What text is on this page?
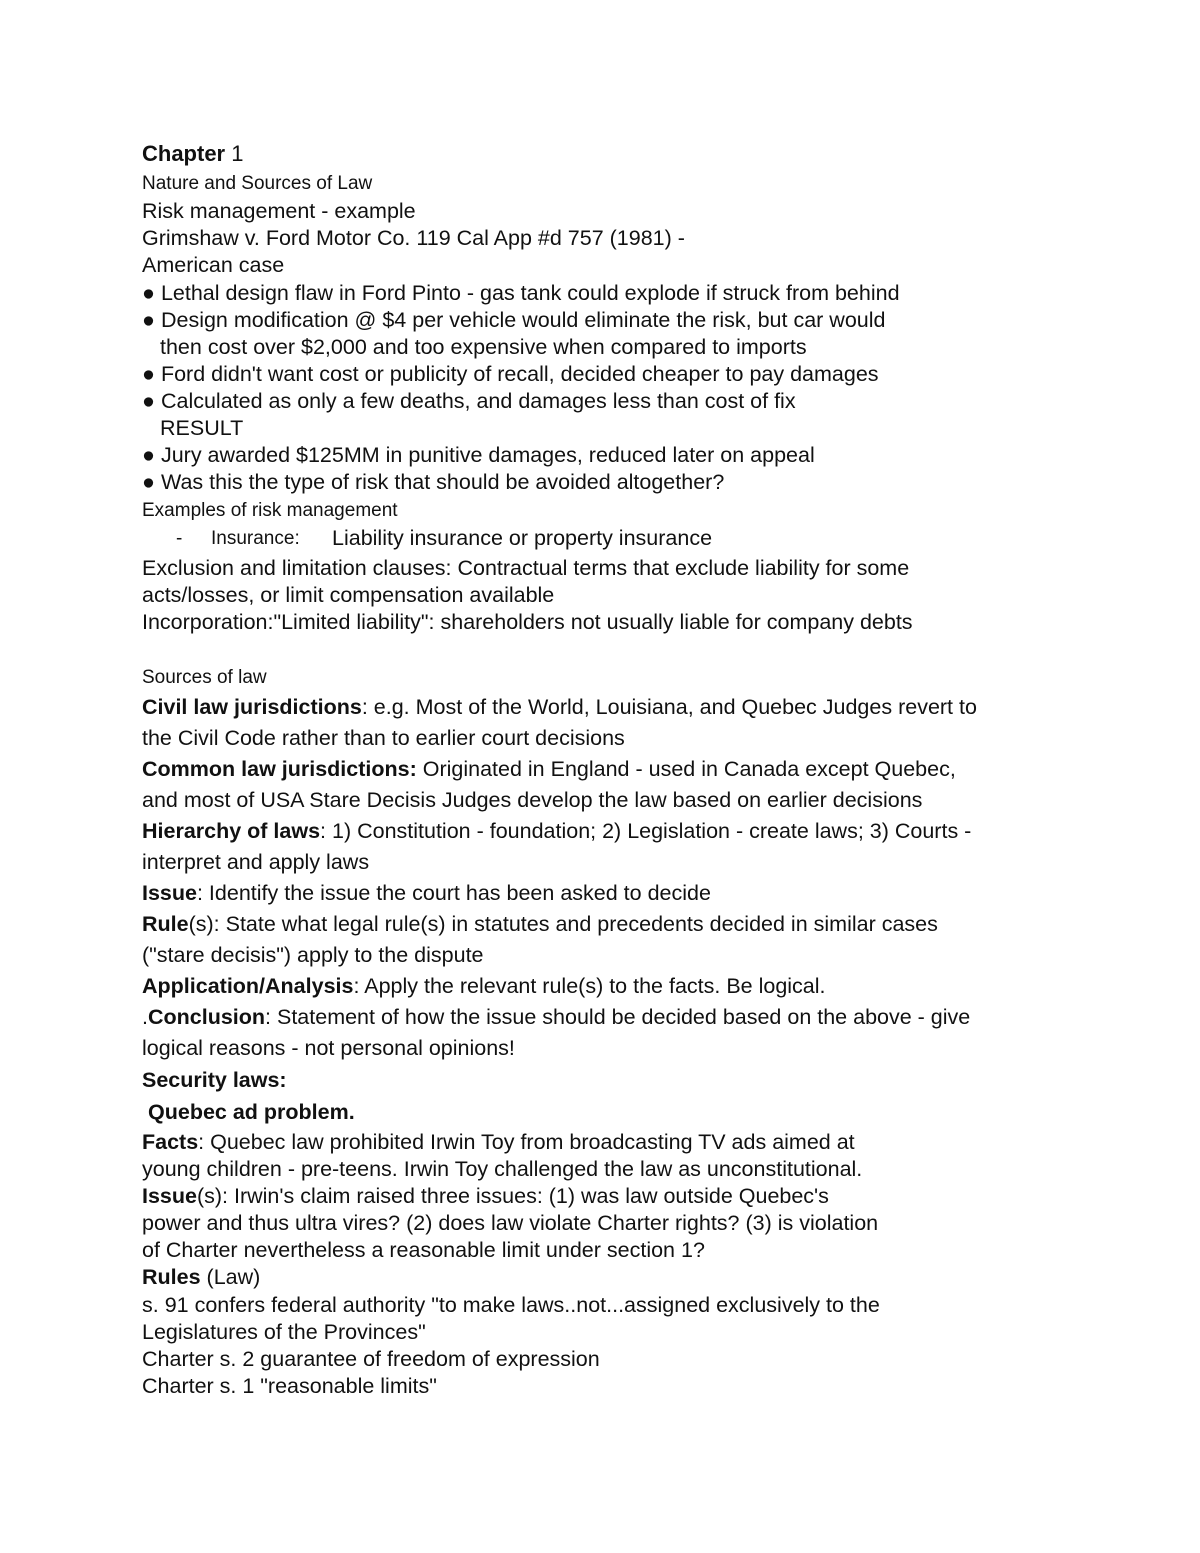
Chapter 1
Nature and Sources of Law
Risk management - example
Grimshaw v. Ford Motor Co. 119 Cal App #d 757 (1981) -
American case
● Lethal design flaw in Ford Pinto - gas tank could explode if struck from behind
● Design modification @ $4 per vehicle would eliminate the risk, but car would
then cost over $2,000 and too expensive when compared to imports
● Ford didn't want cost or publicity of recall, decided cheaper to pay damages
● Calculated as only a few deaths, and damages less than cost of fix
RESULT
● Jury awarded $125MM in punitive damages, reduced later on appeal
● Was this the type of risk that should be avoided altogether?
Examples of risk management
- Insurance: Liability insurance or property insurance
Exclusion and limitation clauses: Contractual terms that exclude liability for some
acts/losses, or limit compensation available
Incorporation:"Limited liability": shareholders not usually liable for company debts
Sources of law
Civil law jurisdictions: e.g. Most of the World, Louisiana, and Quebec Judges revert to
the Civil Code rather than to earlier court decisions
Common law jurisdictions: Originated in England - used in Canada except Quebec,
and most of USA Stare Decisis Judges develop the law based on earlier decisions
Hierarchy of laws: 1) Constitution - foundation; 2) Legislation - create laws; 3) Courts -
interpret and apply laws
Issue: Identify the issue the court has been asked to decide
Rule(s): State what legal rule(s) in statutes and precedents decided in similar cases
("stare decisis") apply to the dispute
Application/Analysis: Apply the relevant rule(s) to the facts. Be logical.
.Conclusion: Statement of how the issue should be decided based on the above - give
logical reasons - not personal opinions!
Security laws:
Quebec ad problem.
Facts: Quebec law prohibited Irwin Toy from broadcasting TV ads aimed at
young children - pre-teens. Irwin Toy challenged the law as unconstitutional.
Issue(s): Irwin's claim raised three issues: (1) was law outside Quebec's
power and thus ultra vires? (2) does law violate Charter rights? (3) is violation
of Charter nevertheless a reasonable limit under section 1?
Rules (Law)
s. 91 confers federal authority "to make laws..not...assigned exclusively to the
Legislatures of the Provinces"
Charter s. 2 guarantee of freedom of expression
Charter s. 1 "reasonable limits"
